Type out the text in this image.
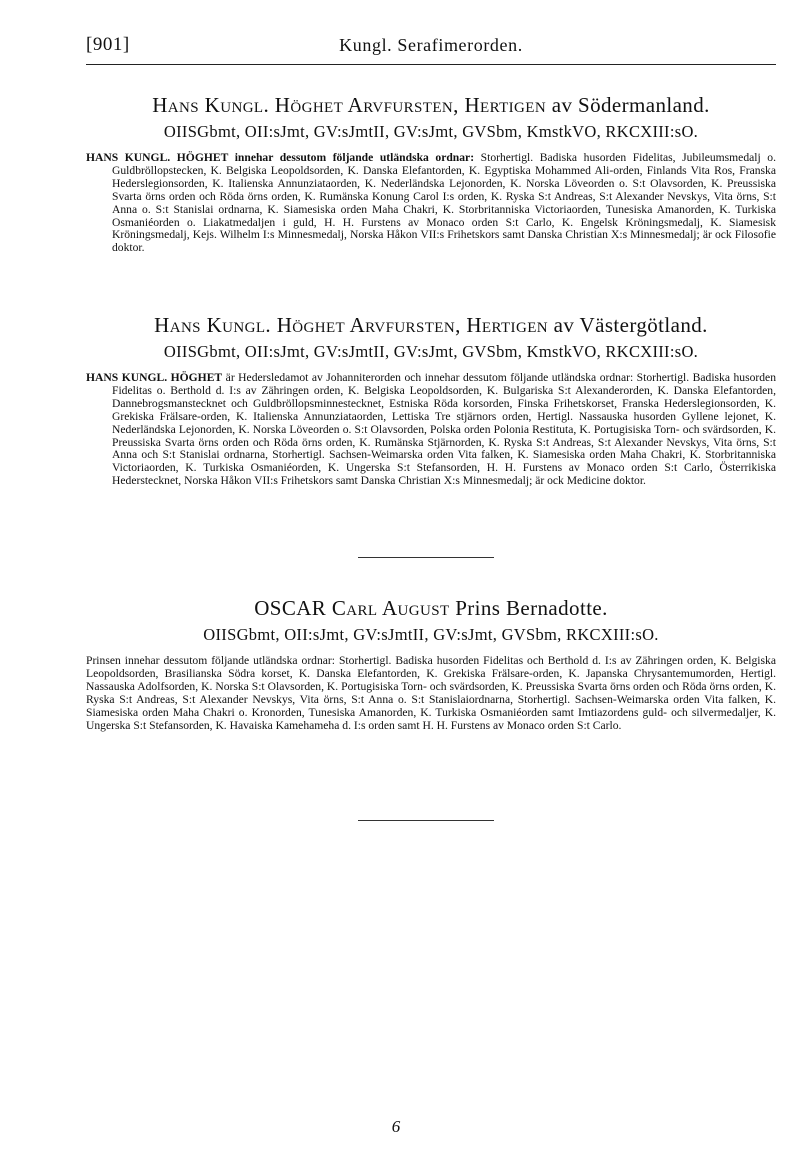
[901]	Kungl. Serafimerorden.

Hans Kungl. Höghet Arvfursten, Hertigen av Södermanland.

OIISGbmt, OII:sJmt, GV:sJmtII, GV:sJmt, GVSbm, KmstkVO, RKCXIII:sO.

HANS KUNGL. HÖGHET innehar dessutom följande utländska ordnar: Storhertigl. Badiska husorden Fidelitas, Jubileumsmedalj o. Guldbröllopstecken, K. Belgiska Leopoldsorden, K. Danska Elefantorden, K. Egyptiska Mohammed Ali-orden, Finlands Vita Ros, Franska Hederslegionsorden, K. Italienska Annunziataorden, K. Nederländska Lejonorden, K. Norska Löveorden o. S:t Olavsorden, K. Preussiska Svarta örns orden och Röda örns orden, K. Rumänska Konung Carol I:s orden, K. Ryska S:t Andreas, S:t Alexander Nevskys, Vita örns, S:t Anna o. S:t Stanislai ordnarna, K. Siamesiska orden Maha Chakri, K. Storbritanniska Victoriaorden, Tunesiska Amanorden, K. Turkiska Osmaniéorden o. Liakatmedaljen i guld, H. H. Furstens av Monaco orden S:t Carlo, K. Engelsk Kröningsmedalj, K. Siamesisk Kröningsmedalj, Kejs. Wilhelm I:s Minnesmedalj, Norska Håkon VII:s Frihetskors samt Danska Christian X:s Minnesmedalj; är ock Filosofie doktor.

Hans Kungl. Höghet Arvfursten, Hertigen av Västergötland.

OIISGbmt, OII:sJmt, GV:sJmtII, GV:sJmt, GVSbm, KmstkVO, RKCXIII:sO.

HANS KUNGL. HÖGHET är Hedersledamot av Johanniterorden och innehar dessutom följande utländska ordnar: Storhertigl. Badiska husorden Fidelitas o. Berthold d. I:s av Zähringen orden, K. Belgiska Leopoldsorden, K. Bulgariska S:t Alexanderorden, K. Danska Elefantorden, Dannebrogsmanstecknet och Guldbröllopsminnestecknet, Estniska Röda korsorden, Finska Frihetskorset, Franska Hederslegionsorden, K. Grekiska Frälsare-orden, K. Italienska Annunziataorden, Lettiska Tre stjärnors orden, Hertigl. Nassauska husorden Gyllene lejonet, K. Nederländska Lejonorden, K. Norska Löveorden o. S:t Olavsorden, Polska orden Polonia Restituta, K. Portugisiska Torn- och svärdsorden, K. Preussiska Svarta örns orden och Röda örns orden, K. Rumänska Stjärnorden, K. Ryska S:t Andreas, S:t Alexander Nevskys, Vita örns, S:t Anna och S:t Stanislai ordnarna, Storhertigl. Sachsen-Weimarska orden Vita falken, K. Siamesiska orden Maha Chakri, K. Storbritanniska Victoriaorden, K. Turkiska Osmaniéorden, K. Ungerska S:t Stefansorden, H. H. Furstens av Monaco orden S:t Carlo, Österrikiska Hederstecknet, Norska Håkon VII:s Frihetskors samt Danska Christian X:s Minnesmedalj; är ock Medicine doktor.

OSCAR Carl August Prins Bernadotte.

OIISGbmt, OII:sJmt, GV:sJmtII, GV:sJmt, GVSbm, RKCXIII:sO.

Prinsen innehar dessutom följande utländska ordnar: Storhertigl. Badiska husorden Fidelitas och Berthold d. I:s av Zähringen orden, K. Belgiska Leopoldsorden, Brasilianska Södra korset, K. Danska Elefantorden, K. Grekiska Frälsare-orden, K. Japanska Chrysantemumorden, Hertigl. Nassauska Adolfsorden, K. Norska S:t Olavsorden, K. Portugisiska Torn- och svärdsorden, K. Preussiska Svarta örns orden och Röda örns orden, K. Ryska S:t Andreas, S:t Alexander Nevskys, Vita örns, S:t Anna o. S:t Stanislaiordnarna, Storhertigl. Sachsen-Weimarska orden Vita falken, K. Siamesiska orden Maha Chakri o. Kronorden, Tunesiska Amanorden, K. Turkiska Osmaniéorden samt Imtiazordens guld- och silvermedaljer, K. Ungerska S:t Stefansorden, K. Havaiska Kamehameha d. I:s orden samt H. H. Furstens av Monaco orden S:t Carlo.

6
